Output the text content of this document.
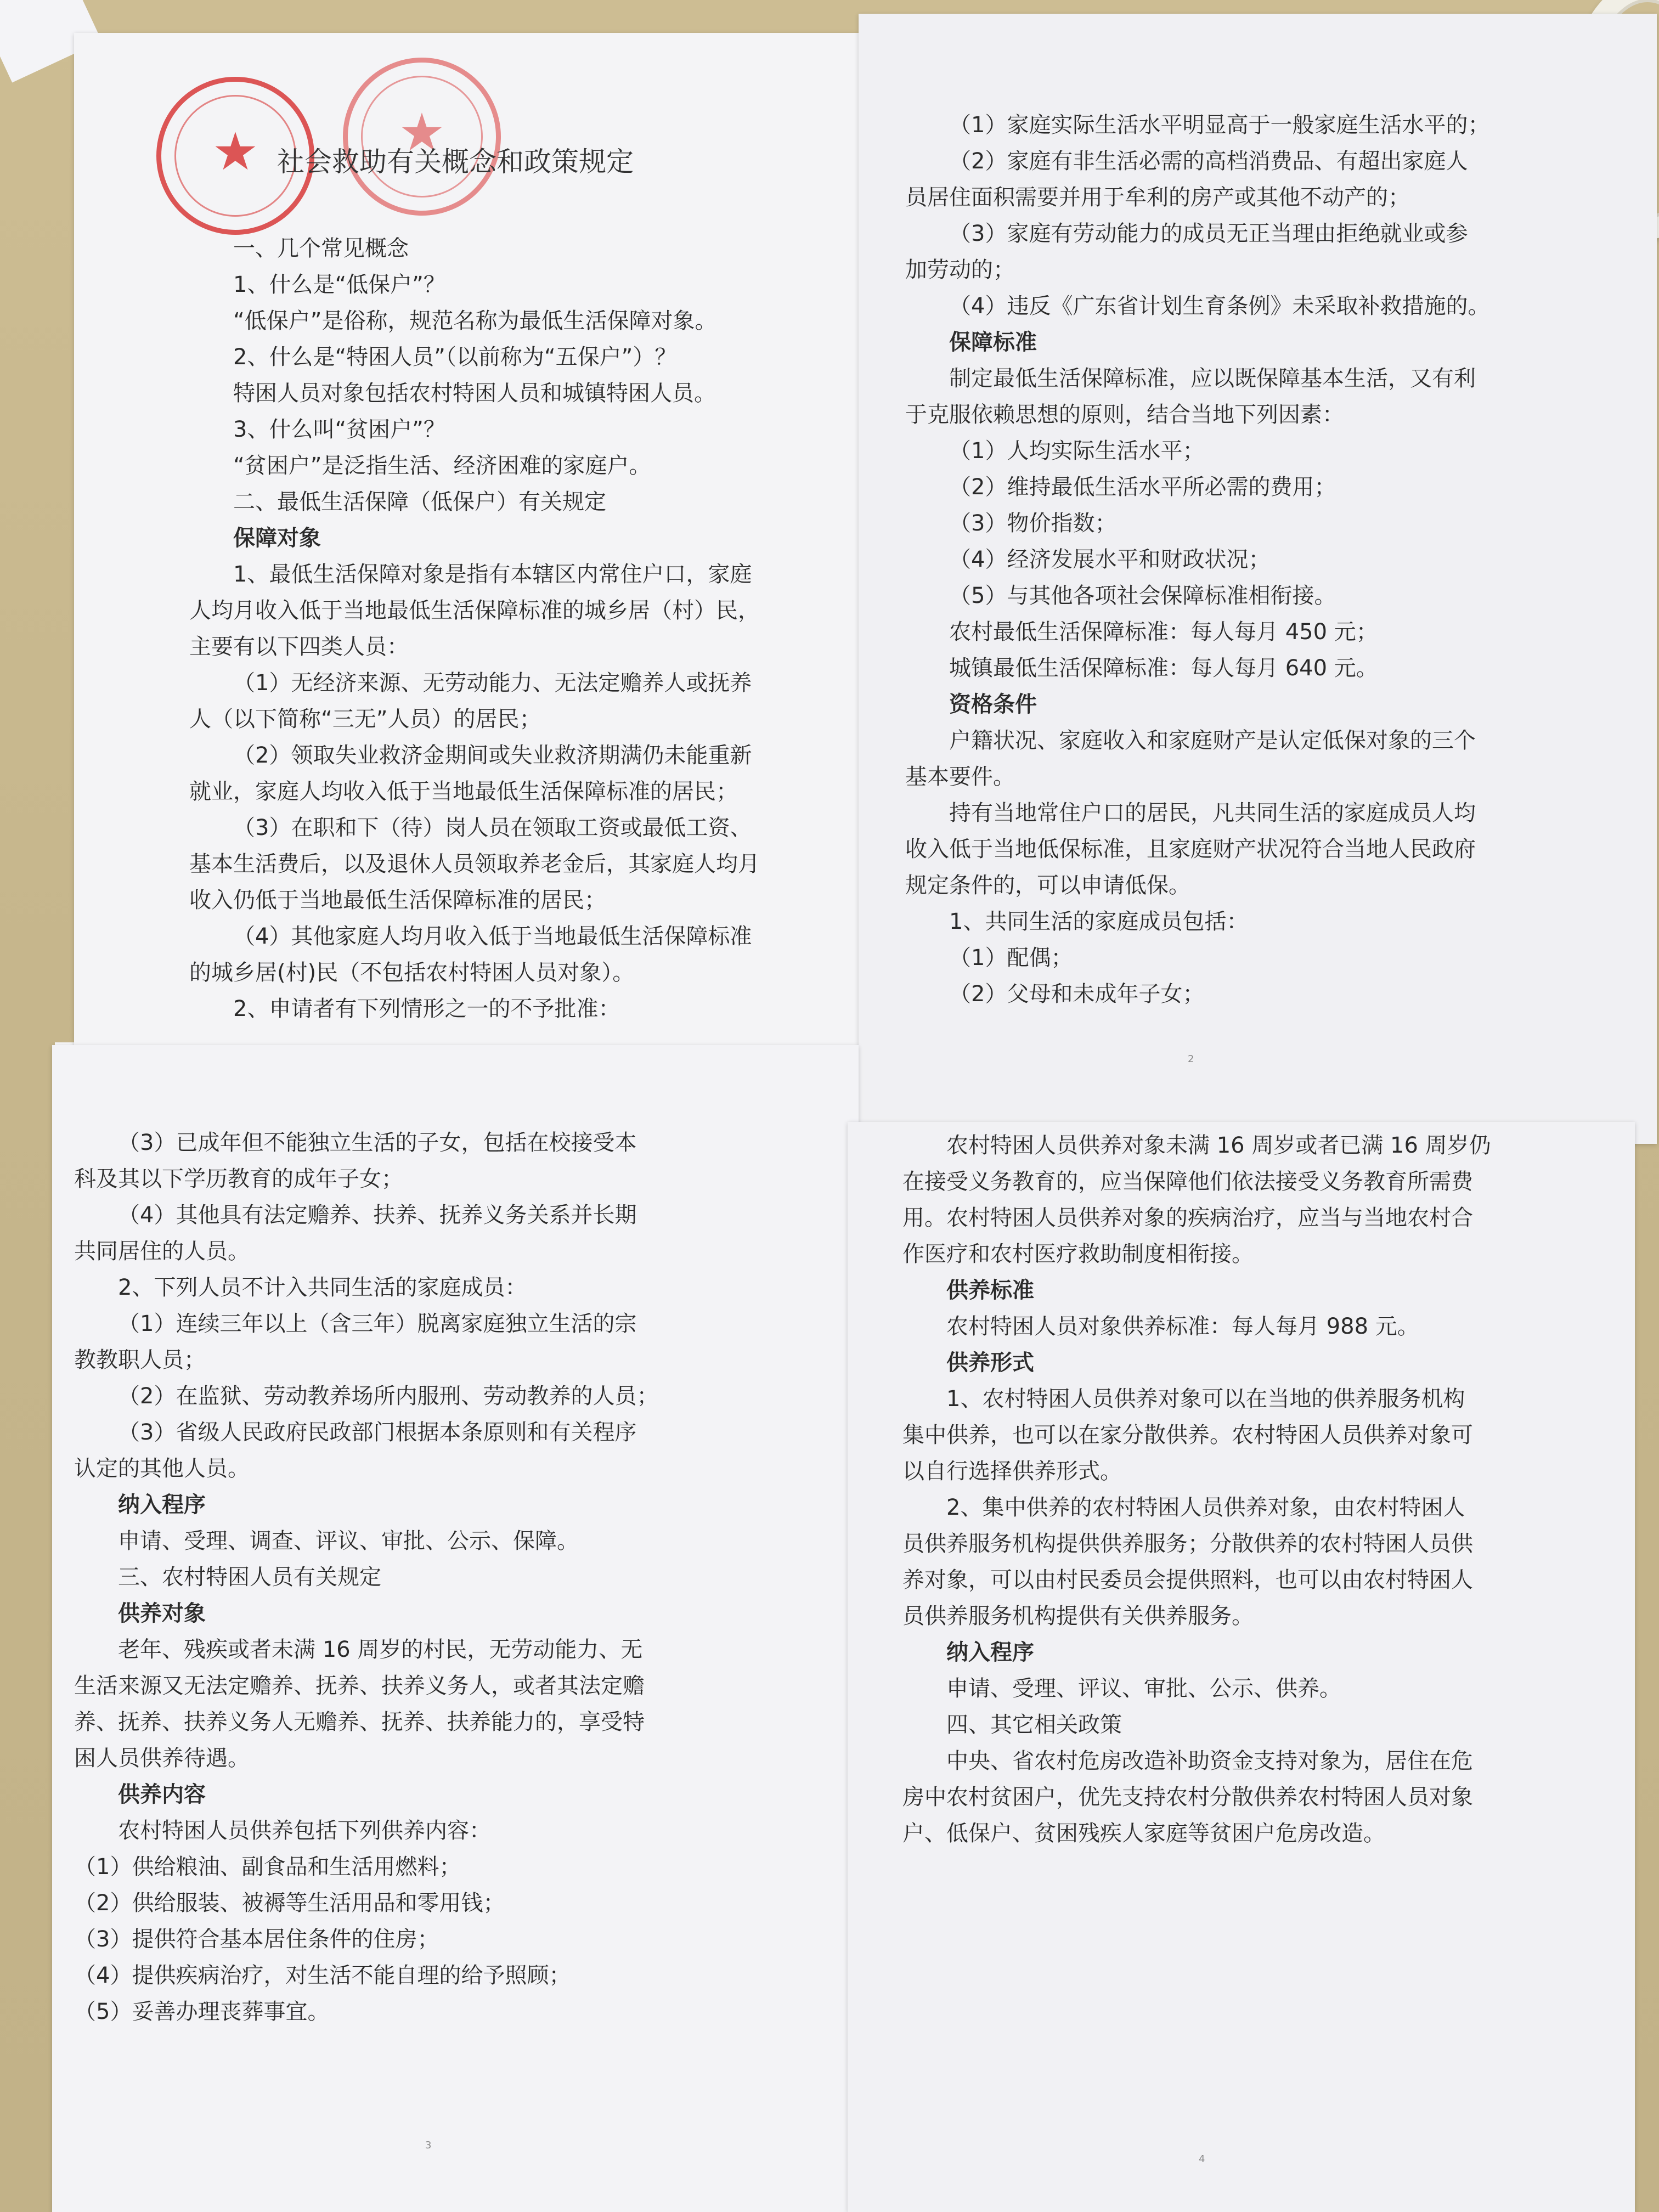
★	★
社会救助有关概念和政策规定

一、几个常见概念

1、什么是“低保户”？

“低保户”是俗称，规范名称为最低生活保障对象。

2、什么是“特困人员”（以前称为“五保户”）？

特困人员对象包括农村特困人员和城镇特困人员。

3、什么叫“贫困户”？

“贫困户”是泛指生活、经济困难的家庭户。

二、最低生活保障（低保户）有关规定

保障对象

1、最低生活保障对象是指有本辖区内常住户口，家庭

人均月收入低于当地最低生活保障标准的城乡居（村）民，

主要有以下四类人员：

（1）无经济来源、无劳动能力、无法定赡养人或抚养

人（以下简称“三无”人员）的居民；

（2）领取失业救济金期间或失业救济期满仍未能重新

就业，家庭人均收入低于当地最低生活保障标准的居民；

（3）在职和下（待）岗人员在领取工资或最低工资、

基本生活费后，以及退休人员领取养老金后，其家庭人均月

收入仍低于当地最低生活保障标准的居民；

（4）其他家庭人均月收入低于当地最低生活保障标准

的城乡居(村)民（不包括农村特困人员对象）。

2、申请者有下列情形之一的不予批准：

（1）家庭实际生活水平明显高于一般家庭生活水平的；

（2）家庭有非生活必需的高档消费品、有超出家庭人

员居住面积需要并用于牟利的房产或其他不动产的；

（3）家庭有劳动能力的成员无正当理由拒绝就业或参

加劳动的；

（4）违反《广东省计划生育条例》未采取补救措施的。

保障标准

制定最低生活保障标准，应以既保障基本生活，又有利

于克服依赖思想的原则，结合当地下列因素：

（1）人均实际生活水平；

（2）维持最低生活水平所必需的费用；

（3）物价指数；

（4）经济发展水平和财政状况；

（5）与其他各项社会保障标准相衔接。

农村最低生活保障标准：每人每月 450 元；

城镇最低生活保障标准：每人每月 640 元。

资格条件

户籍状况、家庭收入和家庭财产是认定低保对象的三个

基本要件。

持有当地常住户口的居民，凡共同生活的家庭成员人均

收入低于当地低保标准，且家庭财产状况符合当地人民政府

规定条件的，可以申请低保。

1、共同生活的家庭成员包括：

（1）配偶；

（2）父母和未成年子女；

2

（3）已成年但不能独立生活的子女，包括在校接受本

科及其以下学历教育的成年子女；

（4）其他具有法定赡养、扶养、抚养义务关系并长期

共同居住的人员。

2、下列人员不计入共同生活的家庭成员：

（1）连续三年以上（含三年）脱离家庭独立生活的宗

教教职人员；

（2）在监狱、劳动教养场所内服刑、劳动教养的人员；

（3）省级人民政府民政部门根据本条原则和有关程序

认定的其他人员。

纳入程序

申请、受理、调查、评议、审批、公示、保障。

三、农村特困人员有关规定

供养对象

老年、残疾或者未满 16 周岁的村民，无劳动能力、无

生活来源又无法定赡养、抚养、扶养义务人，或者其法定赡

养、抚养、扶养义务人无赡养、抚养、扶养能力的，享受特

困人员供养待遇。

供养内容

农村特困人员供养包括下列供养内容：

（1）供给粮油、副食品和生活用燃料；

（2）供给服装、被褥等生活用品和零用钱；

（3）提供符合基本居住条件的住房；

（4）提供疾病治疗，对生活不能自理的给予照顾；

（5）妥善办理丧葬事宜。

3

农村特困人员供养对象未满 16 周岁或者已满 16 周岁仍

在接受义务教育的，应当保障他们依法接受义务教育所需费

用。农村特困人员供养对象的疾病治疗，应当与当地农村合

作医疗和农村医疗救助制度相衔接。

供养标准

农村特困人员对象供养标准：每人每月 988 元。

供养形式

1、农村特困人员供养对象可以在当地的供养服务机构

集中供养，也可以在家分散供养。农村特困人员供养对象可

以自行选择供养形式。

2、集中供养的农村特困人员供养对象，由农村特困人

员供养服务机构提供供养服务；分散供养的农村特困人员供

养对象，可以由村民委员会提供照料，也可以由农村特困人

员供养服务机构提供有关供养服务。

纳入程序

申请、受理、评议、审批、公示、供养。

四、其它相关政策

中央、省农村危房改造补助资金支持对象为，居住在危

房中农村贫困户，优先支持农村分散供养农村特困人员对象

户、低保户、贫困残疾人家庭等贫困户危房改造。

4
